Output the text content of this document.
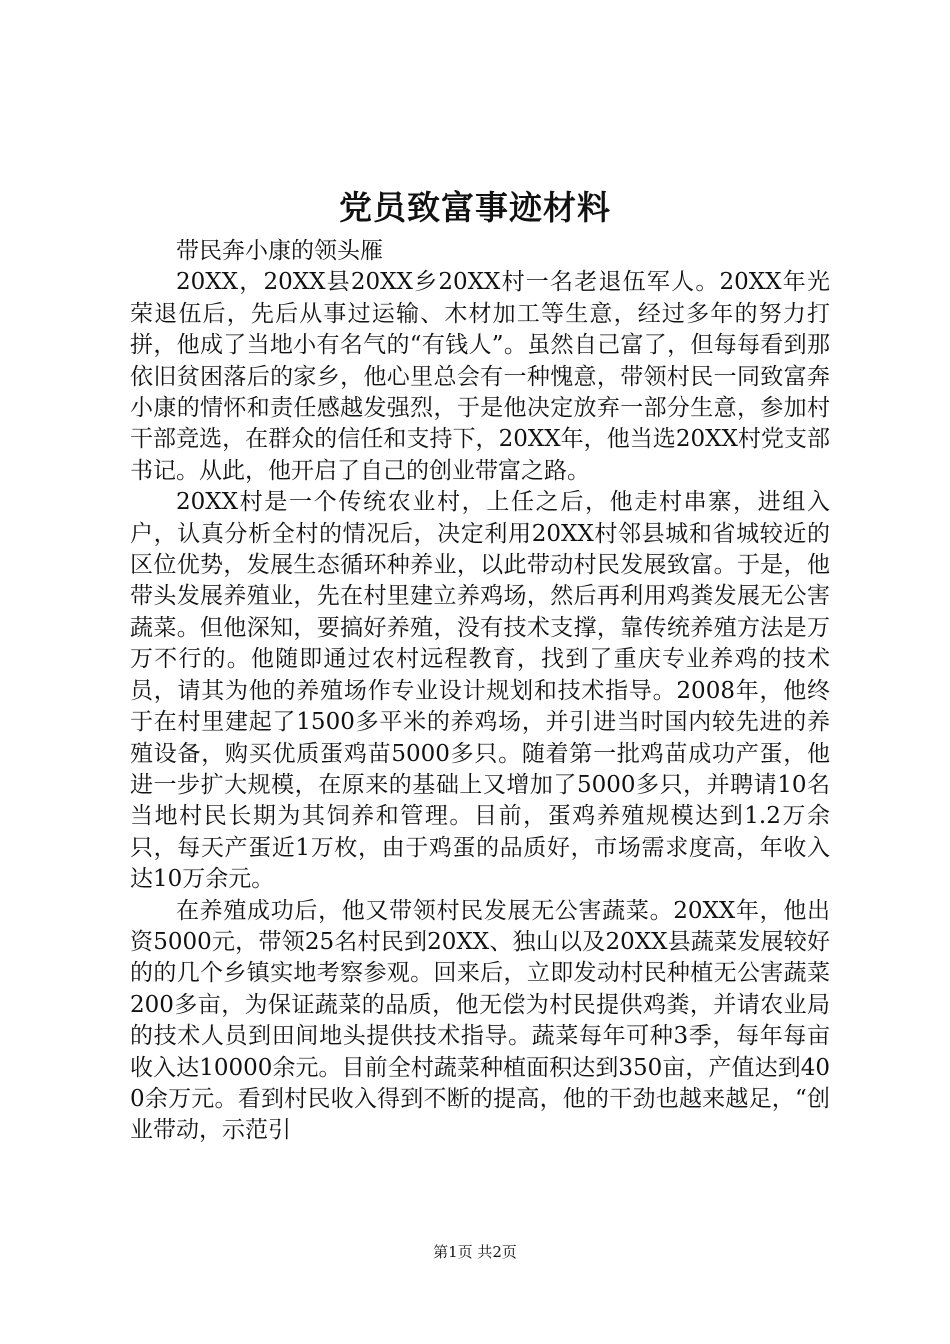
党员致富事迹材料

带民奔小康的领头雁

20XX，20XX县20XX乡20XX村一名老退伍军人。20XX年光荣退伍后，先后从事过运输、木材加工等生意，经过多年的努力打拼，他成了当地小有名气的“有钱人”。虽然自己富了，但每每看到那依旧贫困落后的家乡，他心里总会有一种愧意，带领村民一同致富奔小康的情怀和责任感越发强烈，于是他决定放弃一部分生意，参加村干部竞选，在群众的信任和支持下，20XX年，他当选20XX村党支部书记。从此，他开启了自己的创业带富之路。

20XX村是一个传统农业村，上任之后，他走村串寨，进组入户，认真分析全村的情况后，决定利用20XX村邻县城和省城较近的区位优势，发展生态循环种养业，以此带动村民发展致富。于是，他带头发展养殖业，先在村里建立养鸡场，然后再利用鸡粪发展无公害蔬菜。但他深知，要搞好养殖，没有技术支撑，靠传统养殖方法是万万不行的。他随即通过农村远程教育，找到了重庆专业养鸡的技术员，请其为他的养殖场作专业设计规划和技术指导。2008年，他终于在村里建起了1500多平米的养鸡场，并引进当时国内较先进的养殖设备，购买优质蛋鸡苗5000多只。随着第一批鸡苗成功产蛋，他进一步扩大规模，在原来的基础上又增加了5000多只，并聘请10名当地村民长期为其饲养和管理。目前，蛋鸡养殖规模达到1.2万余只，每天产蛋近1万枚，由于鸡蛋的品质好，市场需求度高，年收入达10万余元。

在养殖成功后，他又带领村民发展无公害蔬菜。20XX年，他出资5000元，带领25名村民到20XX、独山以及20XX县蔬菜发展较好的的几个乡镇实地考察参观。回来后，立即发动村民种植无公害蔬菜200多亩，为保证蔬菜的品质，他无偿为村民提供鸡粪，并请农业局的技术人员到田间地头提供技术指导。蔬菜每年可种3季，每年每亩收入达10000余元。目前全村蔬菜种植面积达到350亩，产值达到400余万元。看到村民收入得到不断的提高，他的干劲也越来越足，“创业带动，示范引

第1页 共2页
